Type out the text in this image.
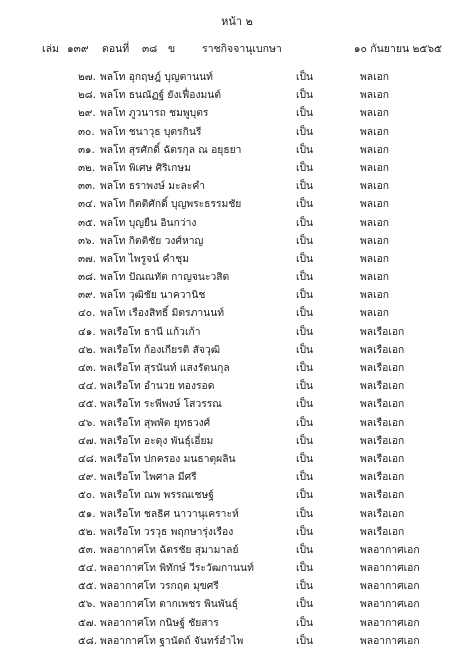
หน้า ๒
เล่ม ๑๓๙ ตอนที่ ๓๘ ข	ราชกิจจานุเบกษา	๑๐ กันยายน ๒๕๖๕
๒๗. พลโท อุกฤษฎ์ บุญตานนท์	เป็น	พลเอก
๒๘. พลโท ธนณัฏฐ์ ยังเฟื่องมนต์	เป็น	พลเอก
๒๙. พลโท ภูวนารถ ชมพูบุตร	เป็น	พลเอก
๓๐. พลโท ชนาวุธ บุตรกินรี	เป็น	พลเอก
๓๑. พลโท สุรศักดิ์ ฉัตรกุล ณ อยุธยา	เป็น	พลเอก
๓๒. พลโท พิเศษ ศิริเกษม	เป็น	พลเอก
๓๓. พลโท ธราพงษ์ มะละคำ	เป็น	พลเอก
๓๔. พลโท กิตติศักดิ์ บุญพระธรรมชัย	เป็น	พลเอก
๓๕. พลโท บุญยืน อินกว่าง	เป็น	พลเอก
๓๖. พลโท กิตติชัย วงศ์หาญ	เป็น	พลเอก
๓๗. พลโท ไพรูจน์ คำชุม	เป็น	พลเอก
๓๘. พลโท ปัณณทัต กาญจนะวสิต	เป็น	พลเอก
๓๙. พลโท วุฒิชัย นาควานิช	เป็น	พลเอก
๔๐. พลโท เรืองสิทธิ์ มิตรภานนท์	เป็น	พลเอก
๔๑. พลเรือโท ธานี แก้วเก้า	เป็น	พลเรือเอก
๔๒. พลเรือโท ก้องเกียรติ สัจวุฒิ	เป็น	พลเรือเอก
๔๓. พลเรือโท สุรนันท์ แสงรัตนกุล	เป็น	พลเรือเอก
๔๔. พลเรือโท อำนวย ทองรอด	เป็น	พลเรือเอก
๔๕. พลเรือโท ระพีพงษ์ โสวรรณ	เป็น	พลเรือเอก
๔๖. พลเรือโท สุพพัต ยุทธวงศ์	เป็น	พลเรือเอก
๔๗. พลเรือโท อะดุง พันธุ์เอี่ยม	เป็น	พลเรือเอก
๔๘. พลเรือโท ปกครอง มนธาตุผลิน	เป็น	พลเรือเอก
๔๙. พลเรือโท ไพศาล มีศรี	เป็น	พลเรือเอก
๕๐. พลเรือโท ณพ พรรณเชษฐ์	เป็น	พลเรือเอก
๕๑. พลเรือโท ชลธิศ นาวานุเคราะห์	เป็น	พลเรือเอก
๕๒. พลเรือโท วรวุธ พฤกษารุ่งเรือง	เป็น	พลเรือเอก
๕๓. พลอากาศโท ฉัตรชัย สุมามาลย์	เป็น	พลอากาศเอก
๕๔. พลอากาศโท พิทักษ์ วีระวัฒกานนท์	เป็น	พลอากาศเอก
๕๕. พลอากาศโท วรกฤต มุขศรี	เป็น	พลอากาศเอก
๕๖. พลอากาศโท ดากเพชร พินพันธุ์	เป็น	พลอากาศเอก
๕๗. พลอากาศโท กนิษฐ์ ชัยสาร	เป็น	พลอากาศเอก
๕๘. พลอากาศโท ฐานัดถ์ จันทร์อำไพ	เป็น	พลอากาศเอก
